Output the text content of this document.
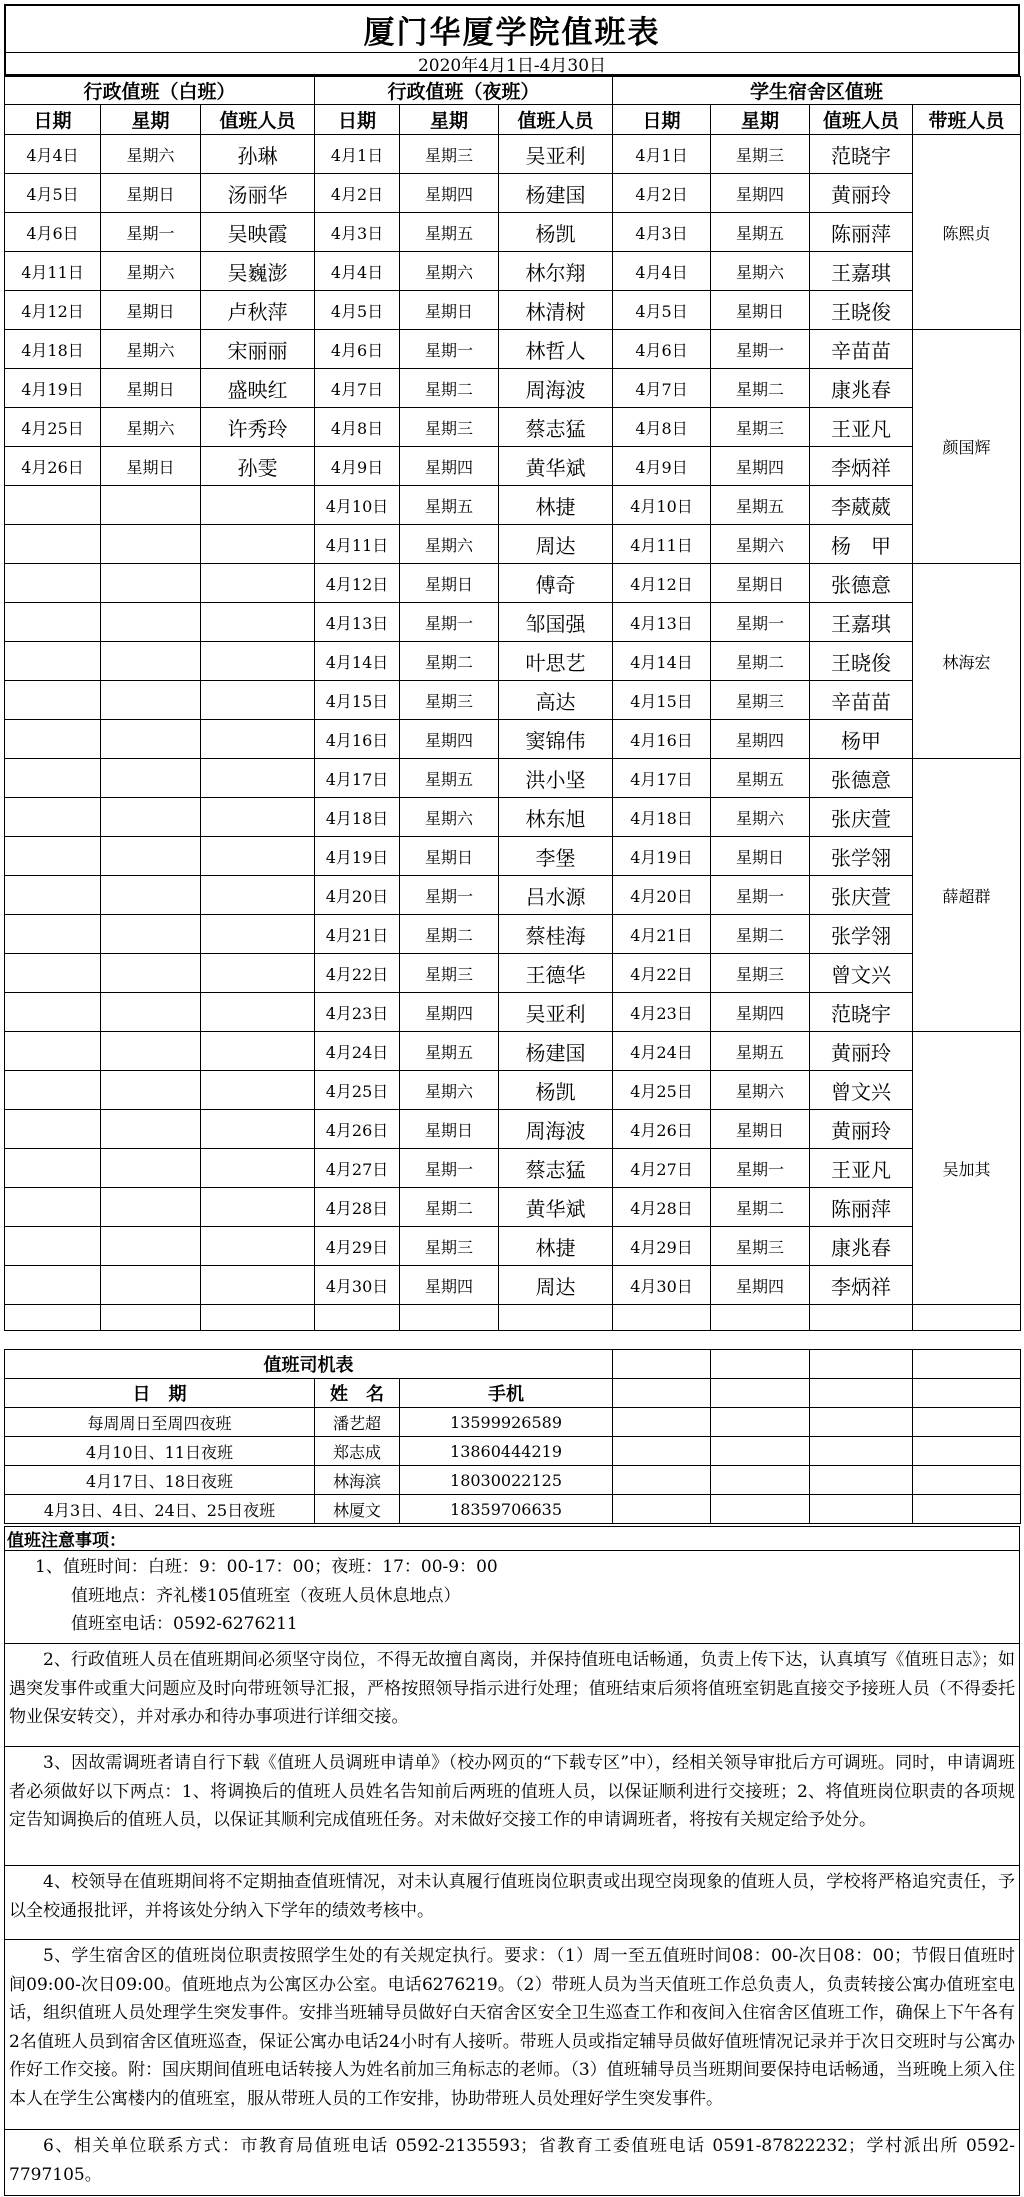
厦门华厦学院值班表
2020年4月1日-4月30日
行政值班（白班）			行政值班（夜班）			学生宿舍区值班			
日期	星期	值班人员	日期	星期	值班人员	日期	星期	值班人员	带班人员
4月4日	星期六	孙琳	4月1日	星期三	吴亚利	4月1日	星期三	范晓宇	陈熙贞
4月5日	星期日	汤丽华	4月2日	星期四	杨建国	4月2日	星期四	黄丽玲	
4月6日	星期一	吴映霞	4月3日	星期五	杨凯	4月3日	星期五	陈丽萍	
4月11日	星期六	吴巍澎	4月4日	星期六	林尔翔	4月4日	星期六	王嘉琪	
4月12日	星期日	卢秋萍	4月5日	星期日	林清树	4月5日	星期日	王晓俊	
4月18日	星期六	宋丽丽	4月6日	星期一	林哲人	4月6日	星期一	辛苗苗	颜国辉
4月19日	星期日	盛映红	4月7日	星期二	周海波	4月7日	星期二	康兆春	
4月25日	星期六	许秀玲	4月8日	星期三	蔡志猛	4月8日	星期三	王亚凡	
4月26日	星期日	孙雯	4月9日	星期四	黄华斌	4月9日	星期四	李炳祥	
			4月10日	星期五	林捷	4月10日	星期五	李葳葳	
			4月11日	星期六	周达	4月11日	星期六	杨　甲	
			4月12日	星期日	傅奇	4月12日	星期日	张德意	林海宏
			4月13日	星期一	邹国强	4月13日	星期一	王嘉琪	
			4月14日	星期二	叶思艺	4月14日	星期二	王晓俊	
			4月15日	星期三	高达	4月15日	星期三	辛苗苗	
			4月16日	星期四	窦锦伟	4月16日	星期四	杨甲	
			4月17日	星期五	洪小坚	4月17日	星期五	张德意	薛超群
			4月18日	星期六	林东旭	4月18日	星期六	张庆萱	
			4月19日	星期日	李堡	4月19日	星期日	张学翎	
			4月20日	星期一	吕水源	4月20日	星期一	张庆萱	
			4月21日	星期二	蔡桂海	4月21日	星期二	张学翎	
			4月22日	星期三	王德华	4月22日	星期三	曾文兴	
			4月23日	星期四	吴亚利	4月23日	星期四	范晓宇	
			4月24日	星期五	杨建国	4月24日	星期五	黄丽玲	吴加其
			4月25日	星期六	杨凯	4月25日	星期六	曾文兴	
			4月26日	星期日	周海波	4月26日	星期日	黄丽玲	
			4月27日	星期一	蔡志猛	4月27日	星期一	王亚凡	
			4月28日	星期二	黄华斌	4月28日	星期二	陈丽萍	
			4月29日	星期三	林捷	4月29日	星期三	康兆春	
			4月30日	星期四	周达	4月30日	星期四	李炳祥	

值班司机表						
日　期	姓　名	手机				
每周周日至周四夜班	潘艺超	13599926589				
4月10日、11日夜班	郑志成	13860444219				
4月17日、18日夜班	林海滨	18030022125				
4月3日、4日、24日、25日夜班	林厦文	18359706635				
值班注意事项：
1、值班时间：白班：9：00-17：00；夜班：17：00-9：00
值班地点：齐礼楼105值班室（夜班人员休息地点）
值班室电话：0592-6276211
2、行政值班人员在值班期间必须坚守岗位，不得无故擅自离岗，并保持值班电话畅通，负责上传下达，认真填写《值班日志》；如遇突发事件或重大问题应及时向带班领导汇报，严格按照领导指示进行处理；值班结束后须将值班室钥匙直接交予接班人员（不得委托物业保安转交），并对承办和待办事项进行详细交接。
3、因故需调班者请自行下载《值班人员调班申请单》（校办网页的“下载专区”中），经相关领导审批后方可调班。同时，申请调班者必须做好以下两点：1、将调换后的值班人员姓名告知前后两班的值班人员，以保证顺利进行交接班；2、将值班岗位职责的各项规定告知调换后的值班人员，以保证其顺利完成值班任务。对未做好交接工作的申请调班者，将按有关规定给予处分。
4、校领导在值班期间将不定期抽查值班情况，对未认真履行值班岗位职责或出现空岗现象的值班人员，学校将严格追究责任，予以全校通报批评，并将该处分纳入下学年的绩效考核中。
5、学生宿舍区的值班岗位职责按照学生处的有关规定执行。要求：（1）周一至五值班时间08：00-次日08：00；节假日值班时间09:00-次日09:00。值班地点为公寓区办公室。电话6276219。（2）带班人员为当天值班工作总负责人，负责转接公寓办值班室电话，组织值班人员处理学生突发事件。安排当班辅导员做好白天宿舍区安全卫生巡查工作和夜间入住宿舍区值班工作，确保上下午各有2名值班人员到宿舍区值班巡查，保证公寓办电话24小时有人接听。带班人员或指定辅导员做好值班情况记录并于次日交班时与公寓办作好工作交接。附：国庆期间值班电话转接人为姓名前加三角标志的老师。（3）值班辅导员当班期间要保持电话畅通，当班晚上须入住本人在学生公寓楼内的值班室，服从带班人员的工作安排，协助带班人员处理好学生突发事件。
6、相关单位联系方式：市教育局值班电话 0592-2135593；省教育工委值班电话 0591-87822232；学村派出所 0592-7797105。
